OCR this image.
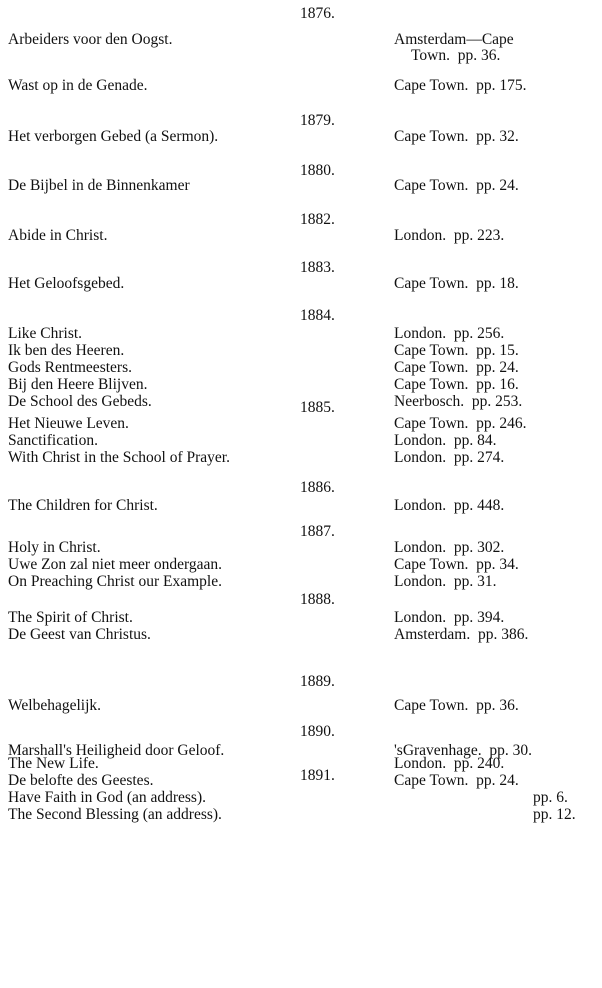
1876.
Arbeiders voor den Oogst.	Amsterdam—Cape
Town.  pp. 36.
Wast op in de Genade.	Cape Town.  pp. 175.
1879.
Het verborgen Gebed (a Sermon).	Cape Town.  pp. 32.
1880.
De Bijbel in de Binnenkamer	Cape Town.  pp. 24.
1882.
Abide in Christ.	London.  pp. 223.
1883.
Het Geloofsgebed.	Cape Town.  pp. 18.
1884.
Like Christ.	London.  pp. 256.
Ik ben des Heeren.	Cape Town.  pp. 15.
Gods Rentmeesters.	Cape Town.  pp. 24.
Bij den Heere Blijven.	Cape Town.  pp. 16.
De School des Gebeds.	Neerbosch.  pp. 253.
1885.
Het Nieuwe Leven.	Cape Town.  pp. 246.
Sanctification.	London.  pp. 84.
With Christ in the School of Prayer.	London.  pp. 274.
1886.
The Children for Christ.	London.  pp. 448.
1887.
Holy in Christ.	London.  pp. 302.
Uwe Zon zal niet meer ondergaan.	Cape Town.  pp. 34.
On Preaching Christ our Example.	London.  pp. 31.
1888.
The Spirit of Christ.	London.  pp. 394.
De Geest van Christus.	Amsterdam.  pp. 386.
1889.
Welbehagelijk.	Cape Town.  pp. 36.
1890.
Marshall's Heiligheid door Geloof.	'sGravenhage.  pp. 30.
1891.
The New Life.	London.  pp. 240.
De belofte des Geestes.	Cape Town.  pp. 24.
Have Faith in God (an address).	pp. 6.
The Second Blessing (an address).	pp. 12.
